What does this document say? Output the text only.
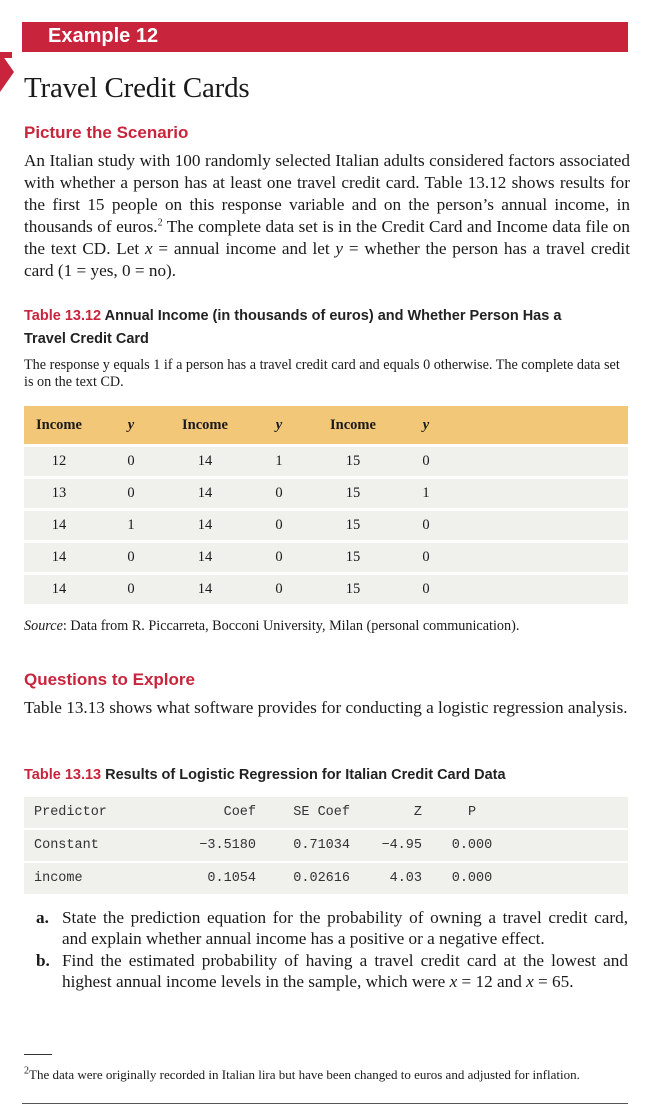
Example 12
Travel Credit Cards
Picture the Scenario

An Italian study with 100 randomly selected Italian adults considered factors associated with whether a person has at least one travel credit card. Table 13.12 shows results for the first 15 people on this response variable and on the person’s annual income, in thousands of euros.$^2$ The complete data set is in the Credit Card and Income data file on the text CD. Let x = annual income and let y = whether the person has a travel credit card (1 = yes, 0 = no).

Table 13.12 Annual Income (in thousands of euros) and Whether Person Has a Travel Credit Card

The response y equals 1 if a person has a travel credit card and equals 0 otherwise. The complete data set is on the text CD.

Income	y	Income	y	Income	y	
12	0	14	1	15	0	
13	0	14	0	15	1	
14	1	14	0	15	0	
14	0	14	0	15	0	
14	0	14	0	15	0	

Source: Data from R. Piccarreta, Bocconi University, Milan (personal communication).

Questions to Explore

Table 13.13 shows what software provides for conducting a logistic regression analysis.

Table 13.13 Results of Logistic Regression for Italian Credit Card Data

Predictor	Coef	SE Coef	Z	P	
Constant	−3.5180	0.71034	−4.95	0.000	
income	0.1054	0.02616	4.03	0.000	
a. State the prediction equation for the probability of owning a travel credit card, and explain whether annual income has a positive or a negative effect.
b. Find the estimated probability of having a travel credit card at the lowest and highest annual income levels in the sample, which were x = 12 and x = 65.

$^2$The data were originally recorded in Italian lira but have been changed to euros and adjusted for inflation.
